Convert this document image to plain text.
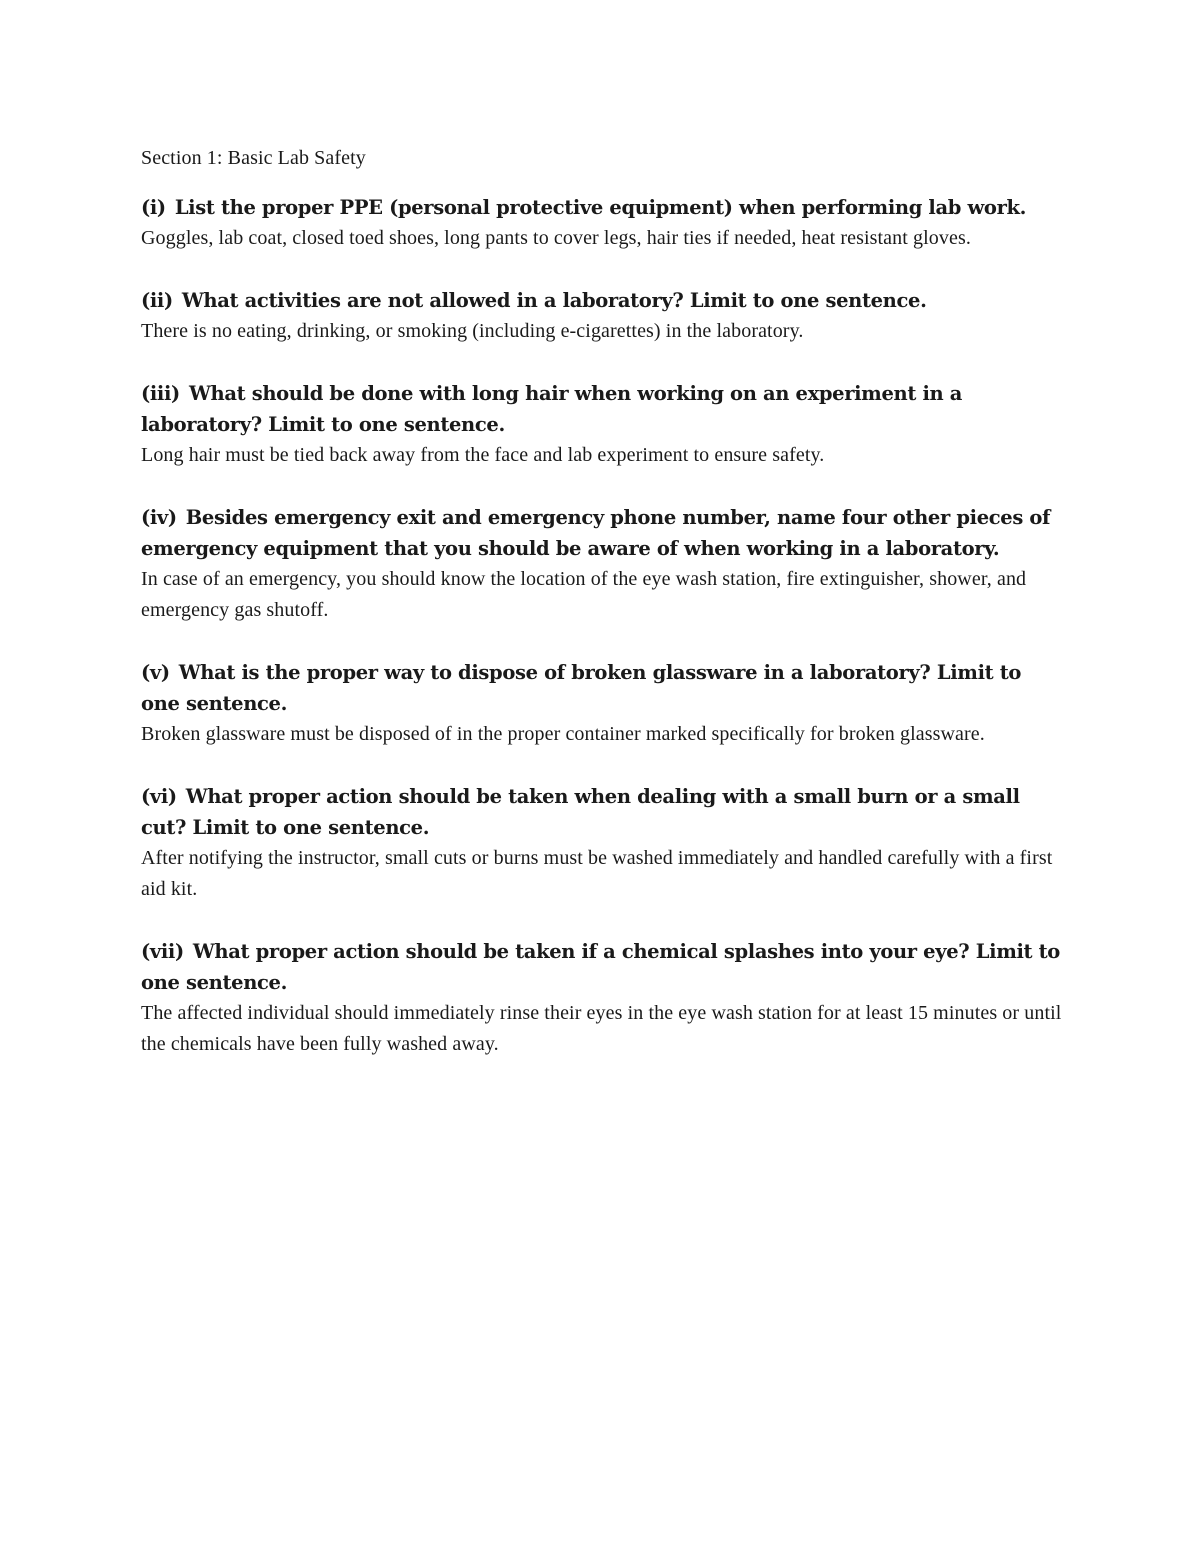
Section 1: Basic Lab Safety

(i) List the proper PPE (personal protective equipment) when performing lab work.

Goggles, lab coat, closed toed shoes, long pants to cover legs, hair ties if needed, heat resistant gloves.

(ii) What activities are not allowed in a laboratory? Limit to one sentence.

There is no eating, drinking, or smoking (including e-cigarettes) in the laboratory.

(iii) What should be done with long hair when working on an experiment in a laboratory? Limit to one sentence.

Long hair must be tied back away from the face and lab experiment to ensure safety.

(iv) Besides emergency exit and emergency phone number, name four other pieces of emergency equipment that you should be aware of when working in a laboratory.

In case of an emergency, you should know the location of the eye wash station, fire extinguisher, shower, and emergency gas shutoff.

(v) What is the proper way to dispose of broken glassware in a laboratory? Limit to one sentence.

Broken glassware must be disposed of in the proper container marked specifically for broken glassware.

(vi) What proper action should be taken when dealing with a small burn or a small cut? Limit to one sentence.

After notifying the instructor, small cuts or burns must be washed immediately and handled carefully with a first aid kit.

(vii) What proper action should be taken if a chemical splashes into your eye? Limit to one sentence.

The affected individual should immediately rinse their eyes in the eye wash station for at least 15 minutes or until the chemicals have been fully washed away.
